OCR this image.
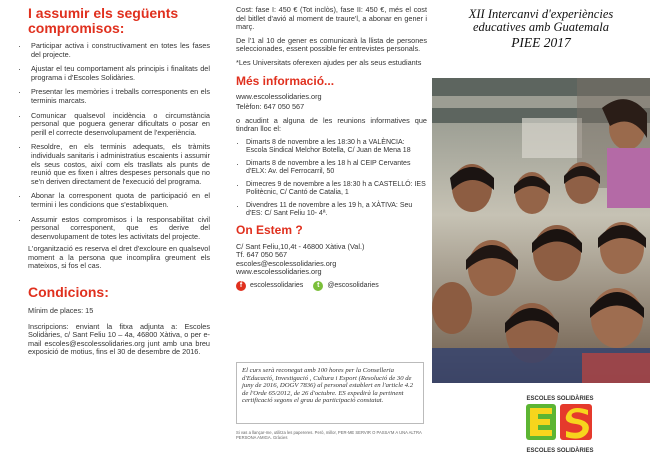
I assumir els següents compromisos:
· Participar activa i constructivament en totes les fases del projecte.
· Ajustar el teu comportament als principis i finalitats del programa i d'Escoles Solidàries.
· Presentar les memòries i treballs corresponents en els terminis marcats.
· Comunicar qualsevol incidència o circumstància personal que poguera generar dificultats o posar en perill el correcte desenvolupament de l'experiència.
· Resoldre, en els terminis adequats, els tràmits individuals sanitaris i administratius escaients i assumir els seus costos, així com els trasllats als punts de reunió que es fixen i altres despeses personals que no se'n deriven directament de l'execució del programa.
· Abonar la corresponent quota de participació en el termini i les condicions que s'establixquen.
· Assumir estos compromisos i la responsabilitat civil personal corresponent, que es derive del desenvolupament de totes les activitats del projecte.

L'organització es reserva el dret d'excloure en qualsevol moment a la persona que incomplira greument els mateixos, si fos el cas.

Condicions:

Mínim de places: 15

Inscripcions: enviant la fitxa adjunta a: Escoles Solidàries, c/ Sant Feliu 10 – 4a, 46800 Xàtiva, o per e-mail escoles@escolessolidaries.org junt amb una breu exposició de motius, fins el 30 de desembre de 2016.

Cost: fase I: 450 € (Tot inclòs), fase II: 450 €, més el cost del bitllet d'avió al moment de traure'l, a abonar en gener i març.

De l'1 al 10 de gener es comunicarà la llista de persones seleccionades, essent possible fer entrevistes personals.

*Les Universitats oferexen ajudes per als seus estudiants

Més informació...

www.escolessolidaries.org

Telèfon: 647 050 567

o acudint a alguna de les reunions informatives que tindran lloc el:

· Dimarts 8 de novembre a les 18:30 h a VALÈNCIA: Escola Sindical Melchor Botella, C/ Juan de Mena 18
· Dimarts 8 de novembre a les 18 h al CEIP Cervantes d'ELX: Av. del Ferrocarril, 50
· Dimecres 9 de novembre a les 18:30 h a CASTELLÓ: IES Politècnic, C/ Cantó de Catalia, 1
· Divendres 11 de novembre a les 19 h, a XÀTIVA: Seu d'ES: C/ Sant Feliu 10- 4ª.
On Estem ?

C/ Sant Feliu,10,4t - 46800 Xàtiva (Val.)

Tf. 647 050 567

escoles@escolessolidaries.org

www.escolessolidaries.org

f	escolessolidaries	t	@escosolidaries
El curs serà reconegut amb 100 hores per la Conselleria d'Educació, Investigació , Cultura i Esport (Resolució de 30 de juny de 2016, DOGV 7836) al personal establert en l'article 4.2 de l'Orde 65/2012, de 26 d'octubre. ES expedirà la pertinent certificació segons el grau de participació constatat.
Si vas a llançar-me, utilitza les papereres. Però, millor, PER-ME SERVIR O PASSA'M A UNA ALTRA PERSONA AMIGA. Gràcies
XII Intercanvi d'experiències
educatives amb Guatemala
PIEE 2017
ESCOLES SOLIDÀRIES
ESCOLES SOLIDÀRIES
